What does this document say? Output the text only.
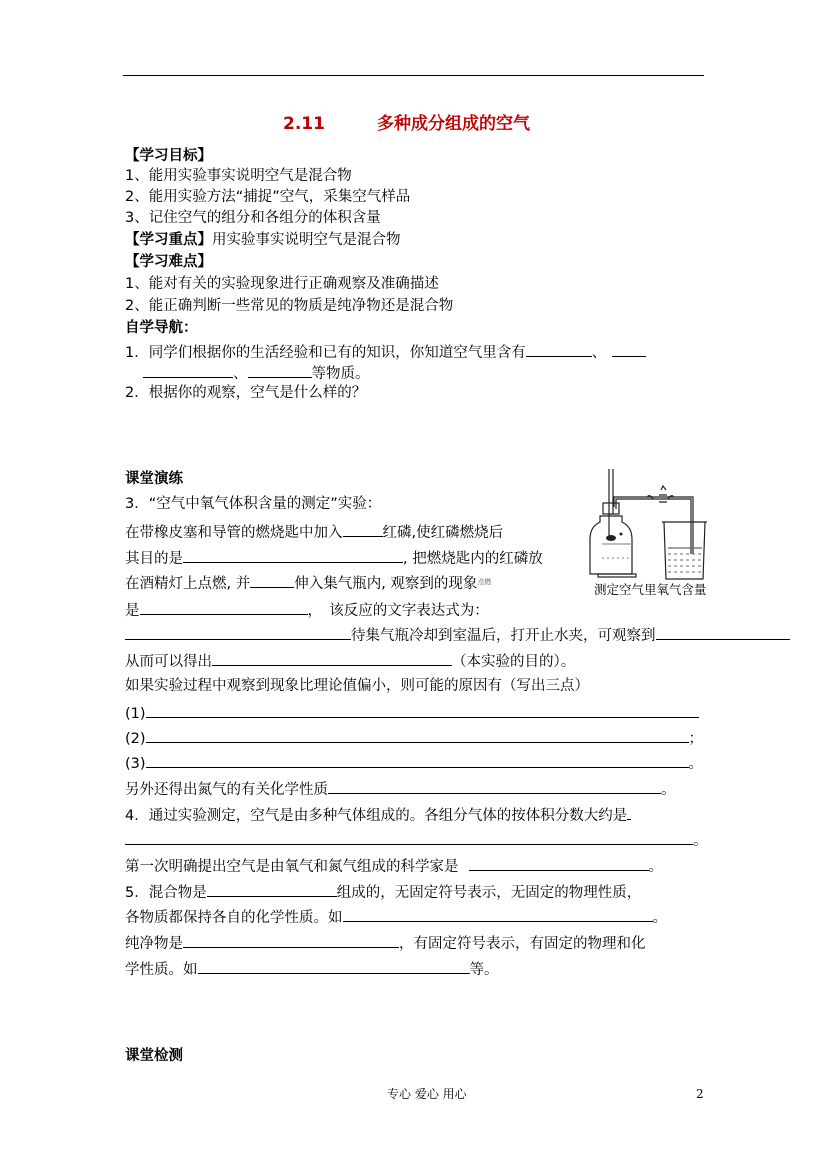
2.11	多种成分组成的空气
【学习目标】
1、能用实验事实说明空气是混合物
2、能用实验方法“捕捉”空气，采集空气样品
3、记住空气的组分和各组分的体积含量
【学习重点】用实验事实说明空气是混合物
【学习难点】
1、能对有关的实验现象进行正确观察及准确描述
2、能正确判断一些常见的物质是纯净物还是混合物
自学导航：
1．同学们根据你的生活经验和已有的知识，你知道空气里含有	、
、	等物质。
2．根据你的观察，空气是什么样的？
课堂演练
3．“空气中氧气体积含量的测定”实验：
在带橡皮塞和导管的燃烧匙中加入	红磷,使红磷燃烧后
其目的是	, 把燃烧匙内的红磷放
在酒精灯上点燃, 并	伸入集气瓶内, 观察到的现象$^{点燃}$
是	，　该反应的文字表达式为：
待集气瓶冷却到室温后，打开止水夹，可观察到
从而可以得出	（本实验的目的）。
如果实验过程中观察到现象比理论值偏小，则可能的原因有（写出三点）
(1)
(2)	；
(3)	。
另外还得出氮气的有关化学性质	。
4．通过实验测定，空气是由多种气体组成的。各组分气体的按体积分数大约是
。
第一次明确提出空气是由氧气和氮气组成的科学家是	。
5．混合物是	组成的，无固定符号表示，无固定的物理性质，
各物质都保持各自的化学性质。如	。
纯净物是	，有固定符号表示，有固定的物理和化
学性质。如	等。
测定空气里氧气含量
课堂检测
专心 爱心 用心	2
